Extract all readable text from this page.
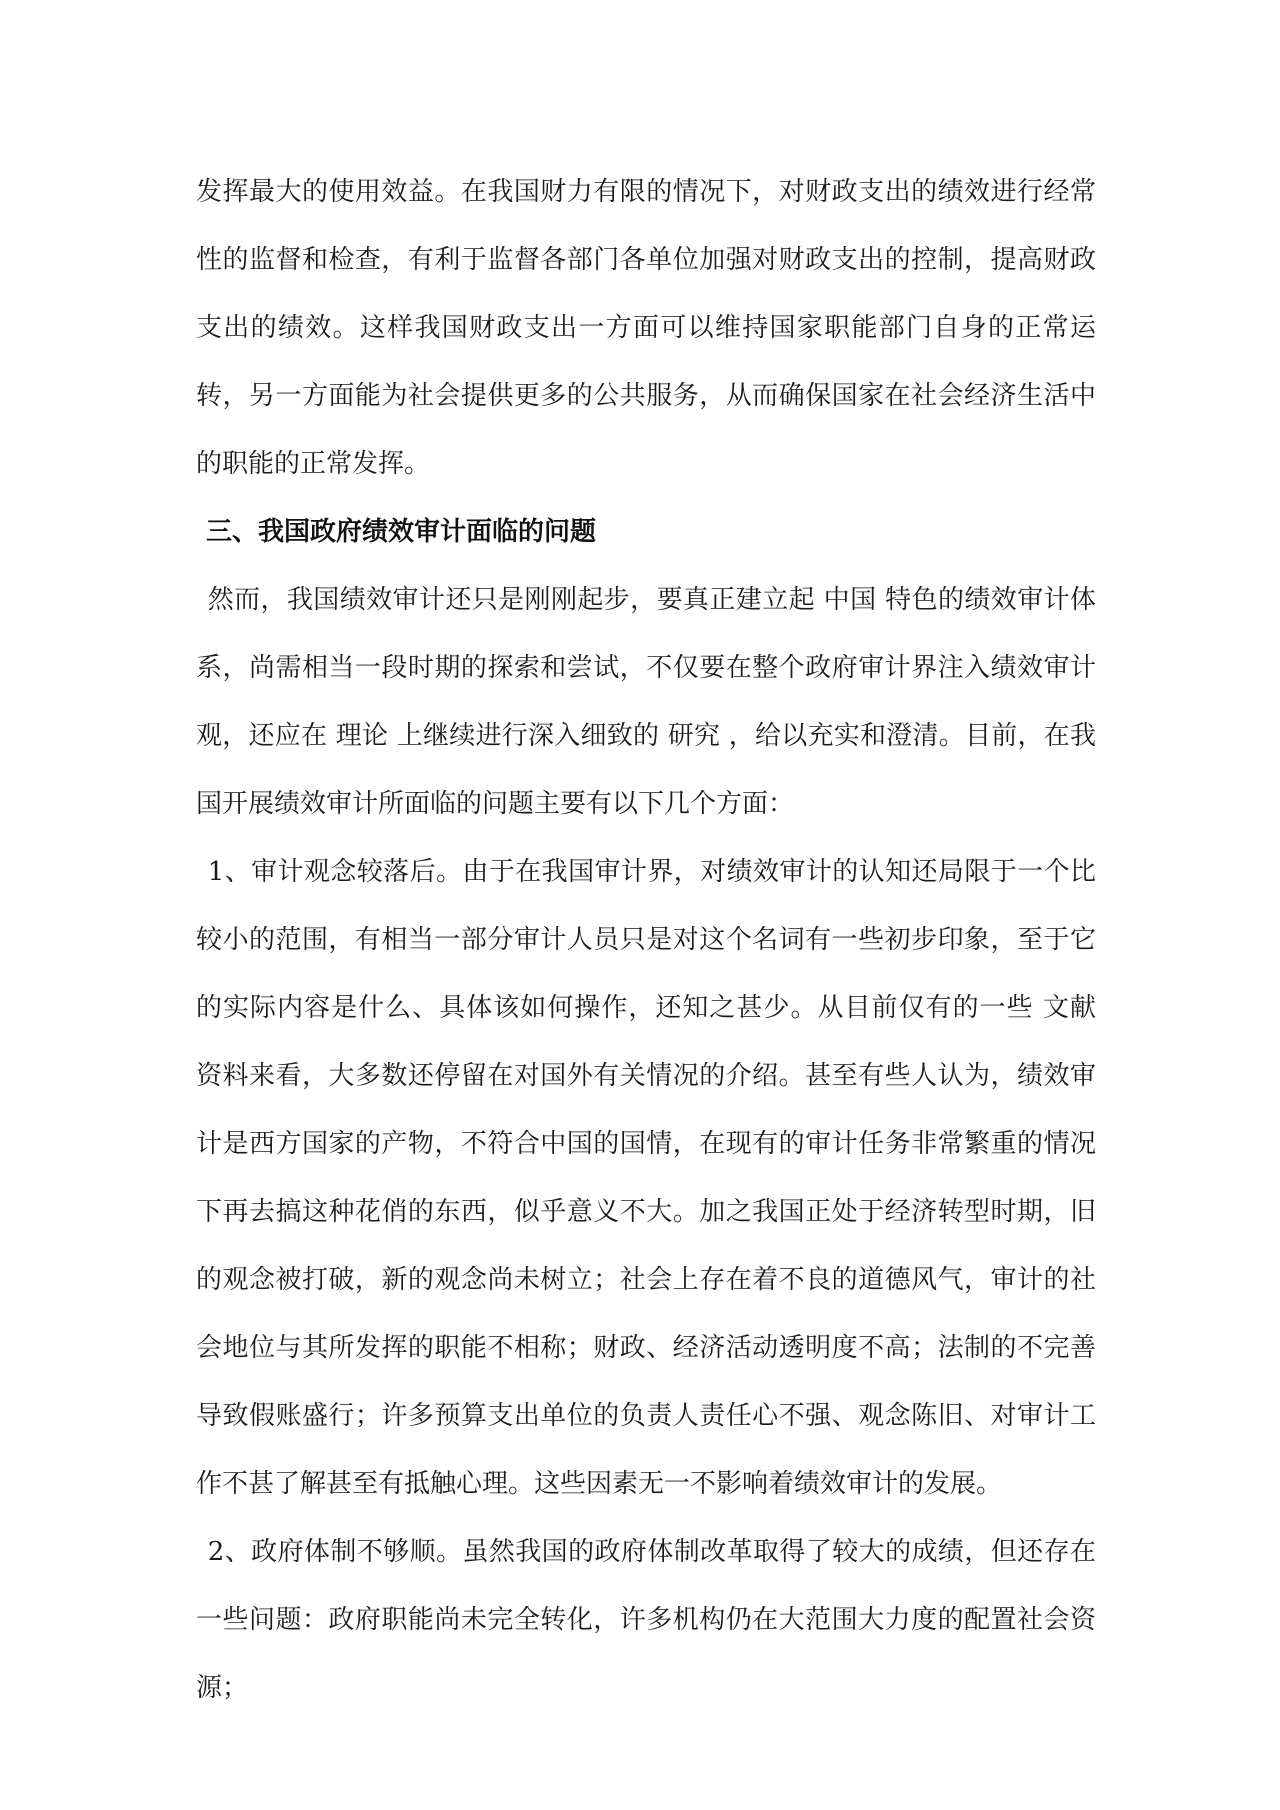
发挥最大的使用效益。在我国财力有限的情况下，对财政支出的绩效进行经常性的监督和检查，有利于监督各部门各单位加强对财政支出的控制，提高财政支出的绩效。这样我国财政支出一方面可以维持国家职能部门自身的正常运转，另一方面能为社会提供更多的公共服务，从而确保国家在社会经济生活中的职能的正常发挥。

三、我国政府绩效审计面临的问题

然而，我国绩效审计还只是刚刚起步，要真正建立起 中国 特色的绩效审计体系，尚需相当一段时期的探索和尝试，不仅要在整个政府审计界注入绩效审计观，还应在 理论 上继续进行深入细致的 研究 ，给以充实和澄清。目前，在我国开展绩效审计所面临的问题主要有以下几个方面：

1、审计观念较落后。由于在我国审计界，对绩效审计的认知还局限于一个比较小的范围，有相当一部分审计人员只是对这个名词有一些初步印象，至于它的实际内容是什么、具体该如何操作，还知之甚少。从目前仅有的一些 文献 资料来看，大多数还停留在对国外有关情况的介绍。甚至有些人认为，绩效审计是西方国家的产物，不符合中国的国情，在现有的审计任务非常繁重的情况下再去搞这种花俏的东西，似乎意义不大。加之我国正处于经济转型时期，旧的观念被打破，新的观念尚未树立；社会上存在着不良的道德风气，审计的社会地位与其所发挥的职能不相称；财政、经济活动透明度不高；法制的不完善导致假账盛行；许多预算支出单位的负责人责任心不强、观念陈旧、对审计工作不甚了解甚至有抵触心理。这些因素无一不影响着绩效审计的发展。

2、政府体制不够顺。虽然我国的政府体制改革取得了较大的成绩，但还存在一些问题：政府职能尚未完全转化，许多机构仍在大范围大力度的配置社会资源；
